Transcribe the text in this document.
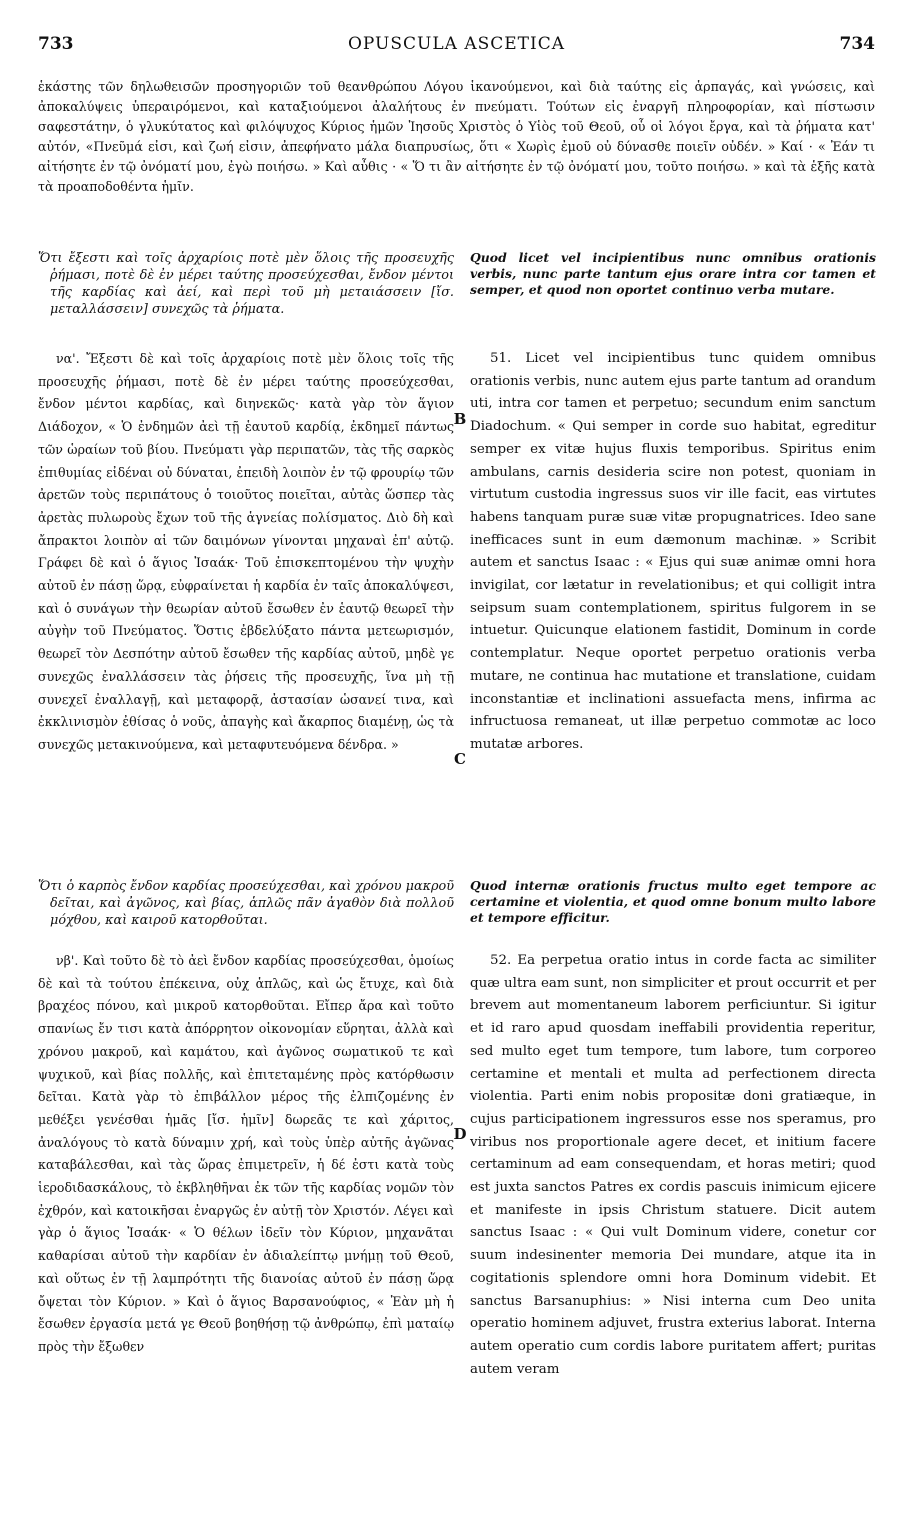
733	OPUSCULA ASCETICA	734

ἑκάστης τῶν δηλωθεισῶν προσηγοριῶν τοῦ θεανθρώπου Λόγου ἱκανούμενοι, καὶ διὰ ταύτης εἰς ἁρπαγάς, καὶ γνώσεις, καὶ ἀποκαλύψεις ὑπεραιρόμενοι, καὶ καταξιούμενοι ἀλαλήτους ἐν πνεύματι. Τούτων εἰς ἐναργῆ πληροφορίαν, καὶ πίστωσιν σαφεστάτην, ὁ γλυκύτατος καὶ φιλόψυχος Κύριος ἡμῶν Ἰησοῦς Χριστὸς ὁ Υἱὸς τοῦ Θεοῦ, οὗ οἱ λόγοι ἔργα, καὶ τὰ ῥήματα κατ' αὐτόν, «Πνεῦμά εἰσι, καὶ ζωή εἰσιν, ἀπεφήνατο μάλα διαπρυσίως, ὅτι « Χωρὶς ἐμοῦ οὐ δύνασθε ποιεῖν οὐδέν. » Καί · « Ἐάν τι αἰτήσητε ἐν τῷ ὀνόματί μου, ἐγὼ ποιήσω. » Καὶ αὖθις · « Ὅ τι ἂν αἰτήσητε ἐν τῷ ὀνόματί μου, τοῦτο ποιήσω. » καὶ τὰ ἑξῆς κατὰ τὰ προαποδοθέντα ἡμῖν.

B
C
D

Ὅτι ἔξεστι καὶ τοῖς ἀρχαρίοις ποτὲ μὲν ὅλοις τῆς προσευχῆς ῥήμασι, ποτὲ δὲ ἐν μέρει ταύτης προσεύχεσθαι, ἔνδον μέντοι τῆς καρδίας καὶ ἀεί, καὶ περὶ τοῦ μὴ μεταιάσσειν [ἴσ. μεταλλάσσειν] συνεχῶς τὰ ῥήματα.

Quod licet vel incipientibus nunc omnibus orationis verbis, nunc parte tantum ejus orare intra cor tamen et semper, et quod non oportet continuo verba mutare.

να'. Ἔξεστι δὲ καὶ τοῖς ἀρχαρίοις ποτὲ μὲν ὅλοις τοῖς τῆς προσευχῆς ῥήμασι, ποτὲ δὲ ἐν μέρει ταύτης προσεύχεσθαι, ἔνδον μέντοι καρδίας, καὶ διηνεκῶς· κατὰ γὰρ τὸν ἅγιον Διάδοχον, « Ὁ ἐνδημῶν ἀεὶ τῇ ἑαυτοῦ καρδίᾳ, ἐκδημεῖ πάντως τῶν ὡραίων τοῦ βίου. Πνεύματι γὰρ περιπατῶν, τὰς τῆς σαρκὸς ἐπιθυμίας εἰδέναι οὐ δύναται, ἐπειδὴ λοιπὸν ἐν τῷ φρουρίῳ τῶν ἀρετῶν τοὺς περιπάτους ὁ τοιοῦτος ποιεῖται, αὐτὰς ὥσπερ τὰς ἀρετὰς πυλωροὺς ἔχων τοῦ τῆς ἁγνείας πολίσματος. Διὸ δὴ καὶ ἄπρακτοι λοιπὸν αἱ τῶν δαιμόνων γίνονται μηχαναὶ ἐπ' αὐτῷ. Γράφει δὲ καὶ ὁ ἅγιος Ἰσαάκ· Τοῦ ἐπισκεπτομένου τὴν ψυχὴν αὐτοῦ ἐν πάσῃ ὥρᾳ, εὐφραίνεται ἡ καρδία ἐν ταῖς ἀποκαλύψεσι, καὶ ὁ συνάγων τὴν θεωρίαν αὐτοῦ ἔσωθεν ἐν ἑαυτῷ θεωρεῖ τὴν αὐγὴν τοῦ Πνεύματος. Ὅστις ἐβδελύξατο πάντα μετεωρισμόν, θεωρεῖ τὸν Δεσπότην αὐτοῦ ἔσωθεν τῆς καρδίας αὐτοῦ, μηδὲ γε συνεχῶς ἐναλλάσσειν τὰς ῥήσεις τῆς προσευχῆς, ἵνα μὴ τῇ συνεχεῖ ἐναλλαγῇ, καὶ μεταφορᾷ, ἀστασίαν ὡσανεί τινα, καὶ ἐκκλινισμὸν ἐθίσας ὁ νοῦς, ἀπαγὴς καὶ ἄκαρπος διαμένῃ, ὡς τὰ συνεχῶς μετακινούμενα, καὶ μεταφυτευόμενα δένδρα. »

51. Licet vel incipientibus tunc quidem omnibus orationis verbis, nunc autem ejus parte tantum ad orandum uti, intra cor tamen et perpetuo; secundum enim sanctum Diadochum. « Qui semper in corde suo habitat, egreditur semper ex vitæ hujus fluxis temporibus. Spiritus enim ambulans, carnis desideria scire non potest, quoniam in virtutum custodia ingressus suos vir ille facit, eas virtutes habens tanquam puræ suæ vitæ propugnatrices. Ideo sane inefficaces sunt in eum dæmonum machinæ. » Scribit autem et sanctus Isaac : « Ejus qui suæ animæ omni hora invigilat, cor lætatur in revelationibus; et qui colligit intra seipsum suam contemplationem, spiritus fulgorem in se intuetur. Quicunque elationem fastidit, Dominum in corde contemplatur. Neque oportet perpetuo orationis verba mutare, ne continua hac mutatione et translatione, cuidam inconstantiæ et inclinationi assuefacta mens, infirma ac infructuosa remaneat, ut illæ perpetuo commotæ ac loco mutatæ arbores.

Ὅτι ὁ καρπὸς ἔνδον καρδίας προσεύχεσθαι, καὶ χρόνου μακροῦ δεῖται, καὶ ἀγῶνος, καὶ βίας, ἁπλῶς πᾶν ἀγαθὸν διὰ πολλοῦ μόχθου, καὶ καιροῦ κατορθοῦται.

Quod internæ orationis fructus multo eget tempore ac certamine et violentia, et quod omne bonum multo labore et tempore efficitur.

νβ'. Καὶ τοῦτο δὲ τὸ ἀεὶ ἔνδον καρδίας προσεύχεσθαι, ὁμοίως δὲ καὶ τὰ τούτου ἐπέκεινα, οὐχ ἁπλῶς, καὶ ὡς ἔτυχε, καὶ διὰ βραχέος πόνου, καὶ μικροῦ κατορθοῦται. Εἴπερ ἄρα καὶ τοῦτο σπανίως ἔν τισι κατὰ ἀπόρρητον οἰκονομίαν εὕρηται, ἀλλὰ καὶ χρόνου μακροῦ, καὶ καμάτου, καὶ ἀγῶνος σωματικοῦ τε καὶ ψυχικοῦ, καὶ βίας πολλῆς, καὶ ἐπιτεταμένης πρὸς κατόρθωσιν δεῖται. Κατὰ γὰρ τὸ ἐπιβάλλον μέρος τῆς ἐλπιζομένης ἐν μεθέξει γενέσθαι ἡμᾶς [ἴσ. ἡμῖν] δωρεᾶς τε καὶ χάριτος, ἀναλόγους τὸ κατὰ δύναμιν χρή, καὶ τοὺς ὑπὲρ αὐτῆς ἀγῶνας καταβάλεσθαι, καὶ τὰς ὥρας ἐπιμετρεῖν, ἡ δέ ἐστι κατὰ τοὺς ἱεροδιδασκάλους, τὸ ἐκβληθῆναι ἐκ τῶν τῆς καρδίας νομῶν τὸν ἐχθρόν, καὶ κατοικῆσαι ἐναργῶς ἐν αὐτῇ τὸν Χριστόν. Λέγει καὶ γὰρ ὁ ἅγιος Ἰσαάκ· « Ὁ θέλων ἰδεῖν τὸν Κύριον, μηχανᾶται καθαρίσαι αὐτοῦ τὴν καρδίαν ἐν ἀδιαλείπτῳ μνήμῃ τοῦ Θεοῦ, καὶ οὕτως ἐν τῇ λαμπρότητι τῆς διανοίας αὐτοῦ ἐν πάσῃ ὥρᾳ ὄψεται τὸν Κύριον. » Καὶ ὁ ἅγιος Βαρσανούφιος, « Ἐὰν μὴ ἡ ἔσωθεν ἐργασία μετά γε Θεοῦ βοηθήσῃ τῷ ἀνθρώπῳ, ἐπὶ ματαίῳ πρὸς τὴν ἔξωθεν

52. Ea perpetua oratio intus in corde facta ac similiter quæ ultra eam sunt, non simpliciter et prout occurrit et per brevem aut momentaneum laborem perficiuntur. Si igitur et id raro apud quosdam ineffabili providentia reperitur, sed multo eget tum tempore, tum labore, tum corporeo certamine et mentali et multa ad perfectionem directa violentia. Parti enim nobis propositæ doni gratiæque, in cujus participationem ingressuros esse nos speramus, pro viribus nos proportionale agere decet, et initium facere certaminum ad eam consequendam, et horas metiri; quod est juxta sanctos Patres ex cordis pascuis inimicum ejicere et manifeste in ipsis Christum statuere. Dicit autem sanctus Isaac : « Qui vult Dominum videre, conetur cor suum indesinenter memoria Dei mundare, atque ita in cogitationis splendore omni hora Dominum videbit. Et sanctus Barsanuphius: » Nisi interna cum Deo unita operatio hominem adjuvet, frustra exterius laborat. Interna autem operatio cum cordis labore puritatem affert; puritas autem veram
